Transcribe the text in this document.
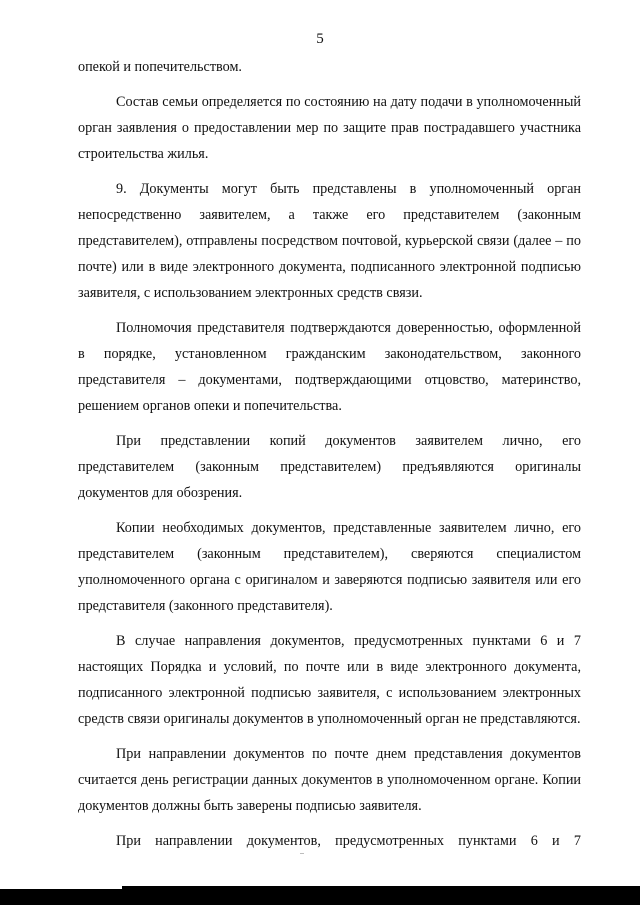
5

опекой и попечительством.

Состав семьи определяется по состоянию на дату подачи в уполномоченный орган заявления о предоставлении мер по защите прав пострадавшего участника строительства жилья.

9. Документы могут быть представлены в уполномоченный орган непосредственно заявителем, а также его представителем (законным представителем), отправлены посредством почтовой, курьерской связи (далее – по почте) или в виде электронного документа, подписанного электронной подписью заявителя, с использованием электронных средств связи.

Полномочия представителя подтверждаются доверенностью, оформленной в порядке, установленном гражданским законодательством, законного представителя – документами, подтверждающими отцовство, материнство, решением органов опеки и попечительства.

При представлении копий документов заявителем лично, его представителем (законным представителем) предъявляются оригиналы документов для обозрения.

Копии необходимых документов, представленные заявителем лично, его представителем (законным представителем), сверяются специалистом уполномоченного органа с оригиналом и заверяются подписью заявителя или его представителя (законного представителя).

В случае направления документов, предусмотренных пунктами 6 и 7 настоящих Порядка и условий, по почте или в виде электронного документа, подписанного электронной подписью заявителя, с использованием электронных средств связи оригиналы документов в уполномоченный орган не представляются.

При направлении документов по почте днем представления документов считается день регистрации данных документов в уполномоченном органе. Копии документов должны быть заверены подписью заявителя.

При направлении документов, предусмотренных пунктами 6 и 7
